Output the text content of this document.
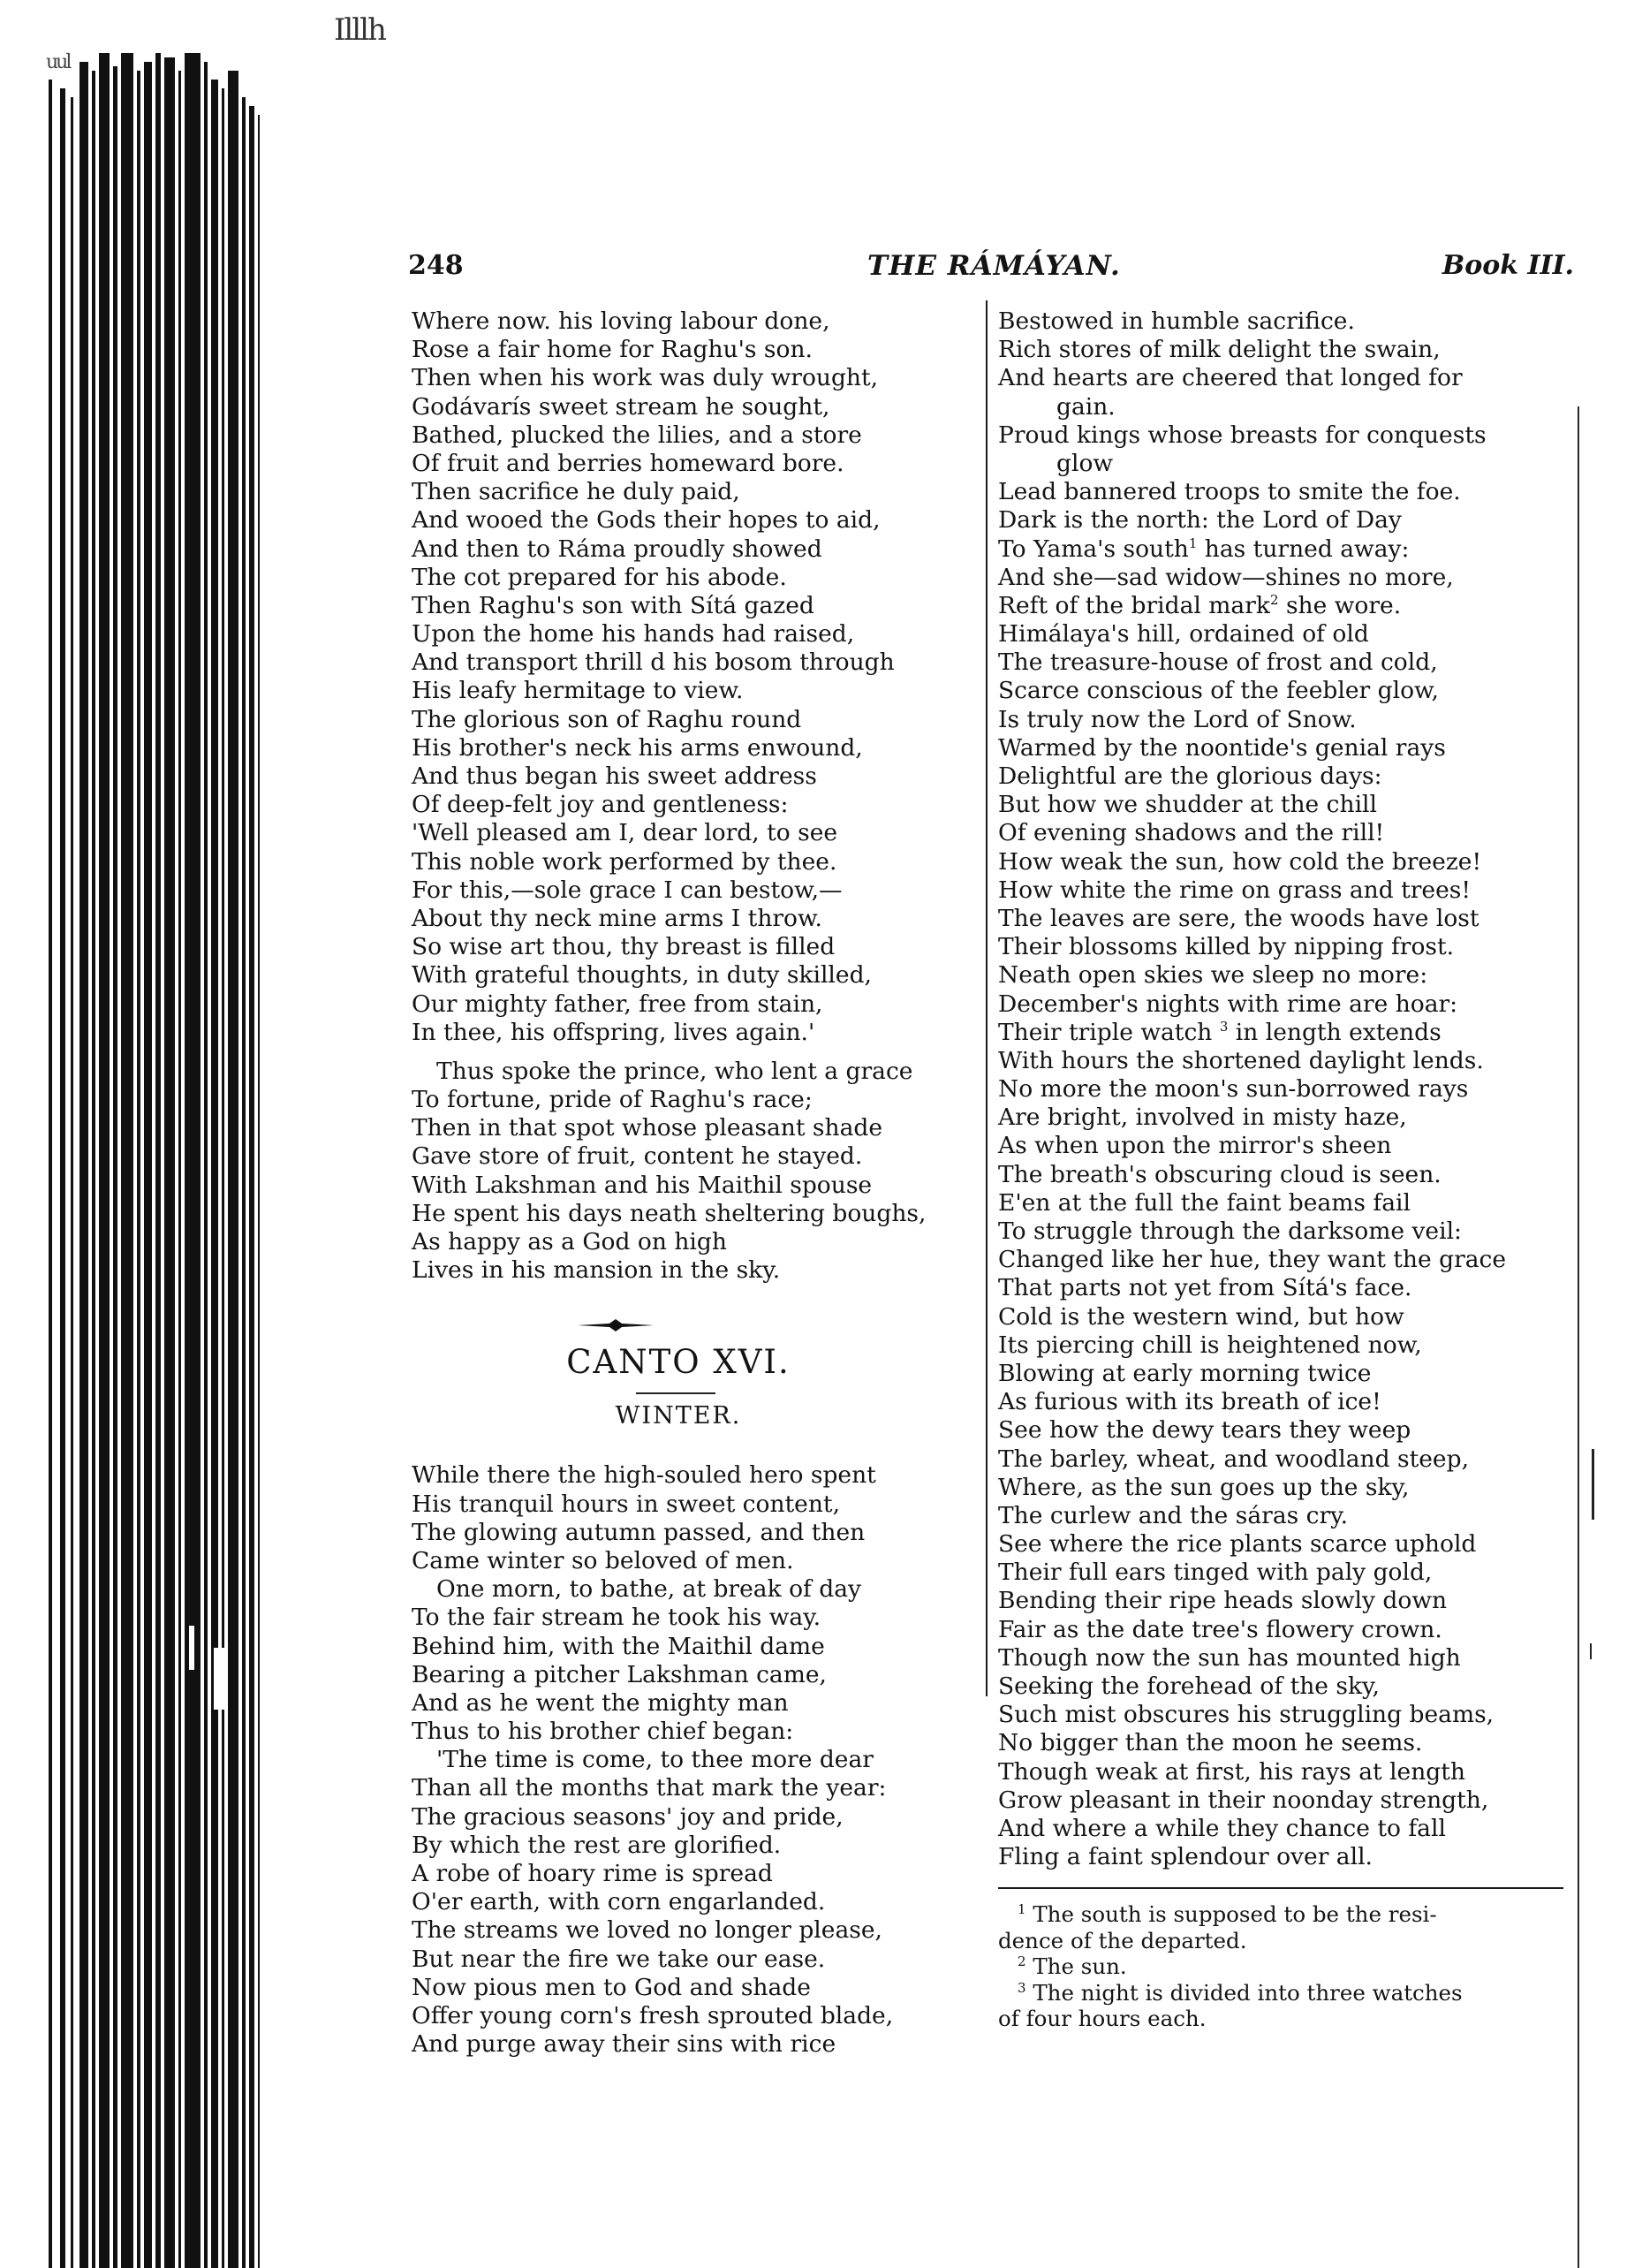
Illlh
uul
248	THE RÁMÁYAN.	Book III.
Where now. his loving labour done,
Rose a fair home for Raghu's son.
Then when his work was duly wrought,
Godávarís sweet stream he sought,
Bathed, plucked the lilies, and a store
Of fruit and berries homeward bore.
Then sacrifice he duly paid,
And wooed the Gods their hopes to aid,
And then to Ráma proudly showed
The cot prepared for his abode.
Then Raghu's son with Sítá gazed
Upon the home his hands had raised,
And transport thrill d his bosom through
His leafy hermitage to view.
The glorious son of Raghu round
His brother's neck his arms enwound,
And thus began his sweet address
Of deep-felt joy and gentleness:
'Well pleased am I, dear lord, to see
This noble work performed by thee.
For this,—sole grace I can bestow,—
About thy neck mine arms I throw.
So wise art thou, thy breast is filled
With grateful thoughts, in duty skilled,
Our mighty father, free from stain,
In thee, his offspring, lives again.'
Thus spoke the prince, who lent a grace
To fortune, pride of Raghu's race;
Then in that spot whose pleasant shade
Gave store of fruit, content he stayed.
With Lakshman and his Maithil spouse
He spent his days neath sheltering boughs,
As happy as a God on high
Lives in his mansion in the sky.
CANTO XVI.
WINTER.
While there the high-souled hero spent
His tranquil hours in sweet content,
The glowing autumn passed, and then
Came winter so beloved of men.
One morn, to bathe, at break of day
To the fair stream he took his way.
Behind him, with the Maithil dame
Bearing a pitcher Lakshman came,
And as he went the mighty man
Thus to his brother chief began:
'The time is come, to thee more dear
Than all the months that mark the year:
The gracious seasons' joy and pride,
By which the rest are glorified.
A robe of hoary rime is spread
O'er earth, with corn engarlanded.
The streams we loved no longer please,
But near the fire we take our ease.
Now pious men to God and shade
Offer young corn's fresh sprouted blade,
And purge away their sins with rice
Bestowed in humble sacrifice.
Rich stores of milk delight the swain,
And hearts are cheered that longed for
gain.
Proud kings whose breasts for conquests
glow
Lead bannered troops to smite the foe.
Dark is the north: the Lord of Day
To Yama's south$^1$ has turned away:
And she—sad widow—shines no more,
Reft of the bridal mark$^2$ she wore.
Himálaya's hill, ordained of old
The treasure-house of frost and cold,
Scarce conscious of the feebler glow,
Is truly now the Lord of Snow.
Warmed by the noontide's genial rays
Delightful are the glorious days:
But how we shudder at the chill
Of evening shadows and the rill!
How weak the sun, how cold the breeze!
How white the rime on grass and trees!
The leaves are sere, the woods have lost
Their blossoms killed by nipping frost.
Neath open skies we sleep no more:
December's nights with rime are hoar:
Their triple watch $^3$ in length extends
With hours the shortened daylight lends.
No more the moon's sun-borrowed rays
Are bright, involved in misty haze,
As when upon the mirror's sheen
The breath's obscuring cloud is seen.
E'en at the full the faint beams fail
To struggle through the darksome veil:
Changed like her hue, they want the grace
That parts not yet from Sítá's face.
Cold is the western wind, but how
Its piercing chill is heightened now,
Blowing at early morning twice
As furious with its breath of ice!
See how the dewy tears they weep
The barley, wheat, and woodland steep,
Where, as the sun goes up the sky,
The curlew and the sáras cry.
See where the rice plants scarce uphold
Their full ears tinged with paly gold,
Bending their ripe heads slowly down
Fair as the date tree's flowery crown.
Though now the sun has mounted high
Seeking the forehead of the sky,
Such mist obscures his struggling beams,
No bigger than the moon he seems.
Though weak at first, his rays at length
Grow pleasant in their noonday strength,
And where a while they chance to fall
Fling a faint splendour over all.
$^1$ The south is supposed to be the resi-
dence of the departed.
$^2$ The sun.
$^3$ The night is divided into three watches
of four hours each.
